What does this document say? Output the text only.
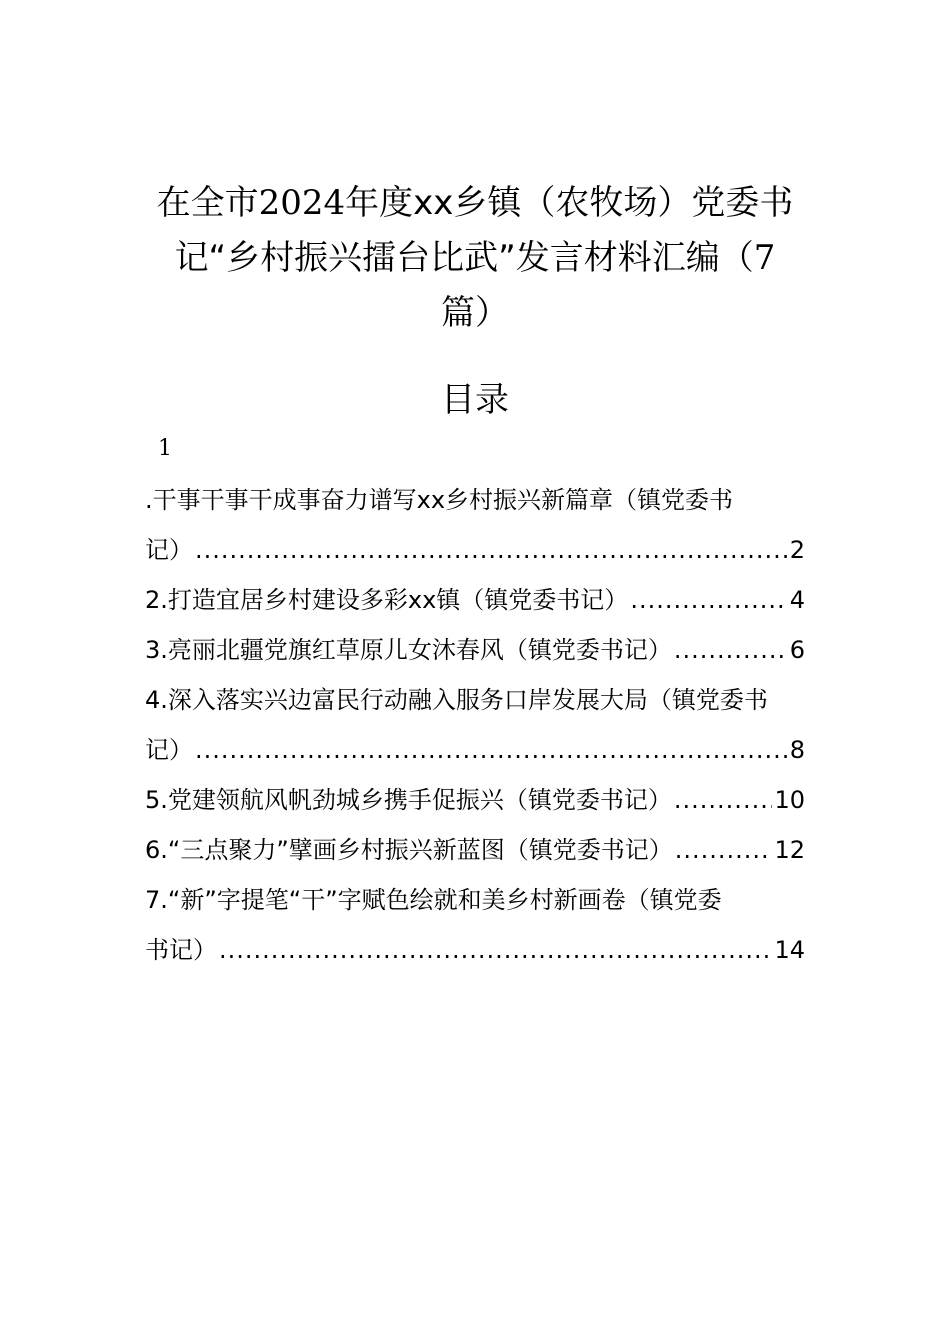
在全市2024年度xx乡镇（农牧场）党委书
记“乡村振兴擂台比武”发言材料汇编（7
篇）
目录
1
.干事干事干成事奋力谱写xx乡村振兴新篇章（镇党委书
记） .....	2
2.打造宜居乡村建设多彩xx镇（镇党委书记） .....	4
3.亮丽北疆党旗红草原儿女沐春风（镇党委书记） .....	6
4.深入落实兴边富民行动融入服务口岸发展大局（镇党委书
记） .....	8
5.党建领航风帆劲城乡携手促振兴（镇党委书记） .....	10
6.“三点聚力”擘画乡村振兴新蓝图（镇党委书记） .....	12
7.“新”字提笔“干”字赋色绘就和美乡村新画卷（镇党委
书记） .....	14
